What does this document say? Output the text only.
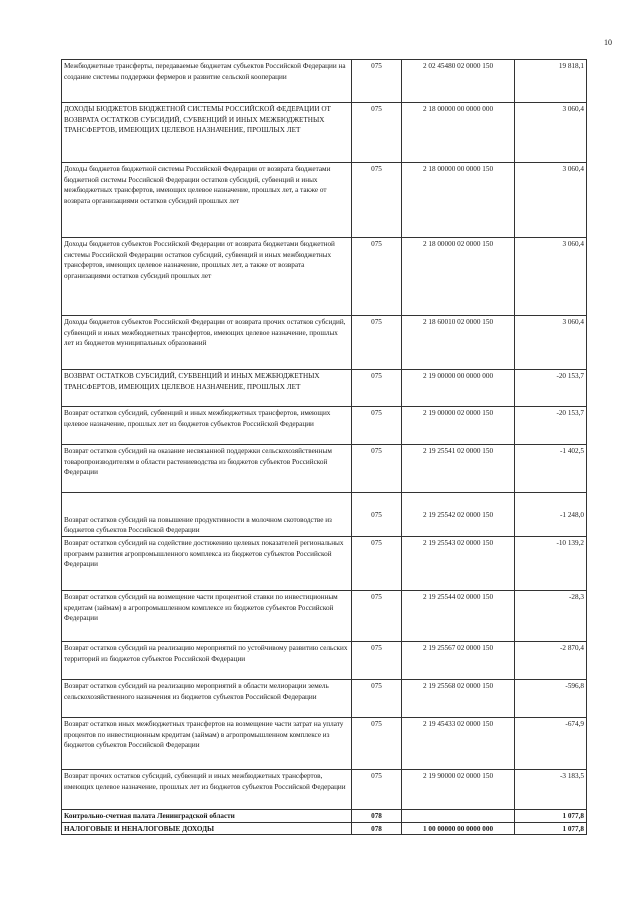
10
Межбюджетные трансферты, передаваемые бюджетам субъектов Российской Федерации на создание системы поддержки фермеров и развитие сельской кооперации	075	2 02 45480 02 0000 150	19 818,1

ДОХОДЫ БЮДЖЕТОВ БЮДЖЕТНОЙ СИСТЕМЫ РОССИЙСКОЙ ФЕДЕРАЦИИ ОТ ВОЗВРАТА ОСТАТКОВ СУБСИДИЙ, СУБВЕНЦИЙ И ИНЫХ МЕЖБЮДЖЕТНЫХ ТРАНСФЕРТОВ, ИМЕЮЩИХ ЦЕЛЕВОЕ НАЗНАЧЕНИЕ, ПРОШЛЫХ ЛЕТ	075	2 18 00000 00 0000 000	3 060,4

Доходы бюджетов бюджетной системы Российской Федерации от возврата бюджетами бюджетной системы Российской Федерации остатков субсидий, субвенций и иных межбюджетных трансфертов, имеющих целевое назначение, прошлых лет, а также от возврата организациями остатков субсидий прошлых лет	075	2 18 00000 00 0000 150	3 060,4

Доходы бюджетов субъектов Российской Федерации от возврата бюджетами бюджетной системы Российской Федерации остатков субсидий, субвенций и иных межбюджетных трансфертов, имеющих целевое назначение, прошлых лет, а также от возврата организациями остатков субсидий прошлых лет	075	2 18 00000 02 0000 150	3 060,4

Доходы бюджетов субъектов Российской Федерации от возврата прочих остатков субсидий, субвенций и иных межбюджетных трансфертов, имеющих целевое назначение, прошлых лет из бюджетов муниципальных образований	075	2 18 60010 02 0000 150	3 060,4

ВОЗВРАТ ОСТАТКОВ СУБСИДИЙ, СУБВЕНЦИЙ И ИНЫХ МЕЖБЮДЖЕТНЫХ ТРАНСФЕРТОВ, ИМЕЮЩИХ ЦЕЛЕВОЕ НАЗНАЧЕНИЕ, ПРОШЛЫХ ЛЕТ	075	2 19 00000 00 0000 000	-20 153,7

Возврат остатков субсидий, субвенций и иных межбюджетных трансфертов, имеющих целевое назначение, прошлых лет из бюджетов субъектов Российской Федерации	075	2 19 00000 02 0000 150	-20 153,7

Возврат остатков субсидий на оказание несвязанной поддержки сельскохозяйственным товаропроизводителям в области растениеводства из бюджетов субъектов Российской Федерации	075	2 19 25541 02 0000 150	-1 402,5

Возврат остатков субсидий на повышение продуктивности в молочном скотоводстве из бюджетов субъектов Российской Федерации	075	2 19 25542 02 0000 150	-1 248,0

Возврат остатков субсидий на содействие достижению целевых показателей региональных программ развития агропромышленного комплекса из бюджетов субъектов Российской Федерации	075	2 19 25543 02 0000 150	-10 139,2

Возврат остатков субсидий на возмещение части процентной ставки по инвестиционным кредитам (займам) в агропромышленном комплексе из бюджетов субъектов Российской Федерации	075	2 19 25544 02 0000 150	-28,3

Возврат остатков субсидий на реализацию мероприятий по устойчивому развитию сельских территорий из бюджетов субъектов Российской Федерации	075	2 19 25567 02 0000 150	-2 870,4

Возврат остатков субсидий на реализацию мероприятий в области мелиорации земель сельскохозяйственного назначения из бюджетов субъектов Российской Федерации	075	2 19 25568 02 0000 150	-596,8

Возврат остатков иных межбюджетных трансфертов на возмещение части затрат на уплату процентов по инвестиционным кредитам (займам) в агропромышленном комплексе из бюджетов субъектов Российской Федерации	075	2 19 45433 02 0000 150	-674,9

Возврат прочих остатков субсидий, субвенций и иных межбюджетных трансфертов, имеющих целевое назначение, прошлых лет из бюджетов субъектов Российской Федерации	075	2 19 90000 02 0000 150	-3 183,5

Контрольно-счетная палата Ленинградской области	078		1 077,8

НАЛОГОВЫЕ И НЕНАЛОГОВЫЕ ДОХОДЫ	078	1 00 00000 00 0000 000	1 077,8
